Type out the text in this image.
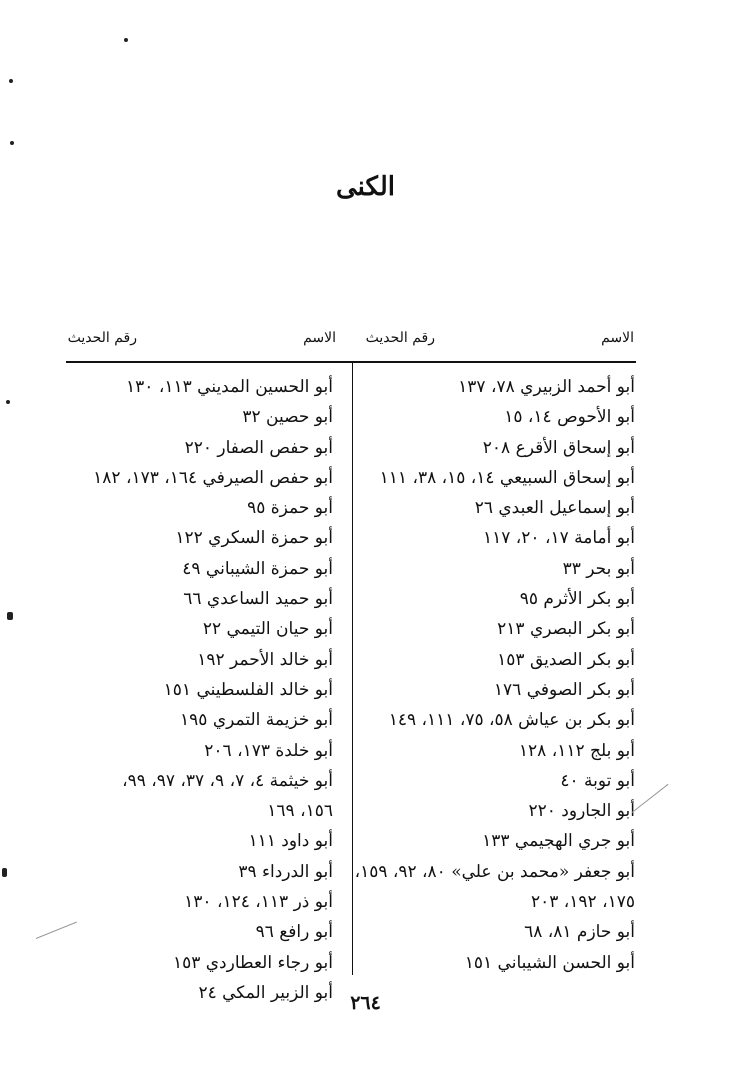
الكنى
الاسم
رقم الحديث
الاسم
رقم الحديث
أبو أحمد الزبيري ٧٨، ١٣٧
أبو الأحوص ١٤، ١٥
أبو إسحاق الأقرع ٢٠٨
أبو إسحاق السبيعي ١٤، ١٥، ٣٨، ١١١
أبو إسماعيل العبدي ٢٦
أبو أمامة ١٧، ٢٠، ١١٧
أبو بحر ٣٣
أبو بكر الأثرم ٩٥
أبو بكر البصري ٢١٣
أبو بكر الصديق ١٥٣
أبو بكر الصوفي ١٧٦
أبو بكر بن عياش ٥٨، ٧٥، ١١١، ١٤٩
أبو بلج ١١٢، ١٢٨
أبو توبة ٤٠
أبو الجارود ٢٢٠
أبو جري الهجيمي ١٣٣
أبو جعفر «محمد بن علي» ٨٠، ٩٢، ١٥٩،
١٧٥، ١٩٢، ٢٠٣
أبو حازم ٨١، ٦٨
أبو الحسن الشيباني ١٥١
أبو الحسين المديني ١١٣، ١٣٠
أبو حصين ٣٢
أبو حفص الصفار ٢٢٠
أبو حفص الصيرفي ١٦٤، ١٧٣، ١٨٢
أبو حمزة ٩٥
أبو حمزة السكري ١٢٢
أبو حمزة الشيباني ٤٩
أبو حميد الساعدي ٦٦
أبو حيان التيمي ٢٢
أبو خالد الأحمر ١٩٢
أبو خالد الفلسطيني ١٥١
أبو خزيمة التمري ١٩٥
أبو خلدة ١٧٣، ٢٠٦
أبو خيثمة ٤، ٧، ٩، ٣٧، ٩٧، ٩٩،
١٥٦، ١٦٩
أبو داود ١١١
أبو الدرداء ٣٩
أبو ذر ١١٣، ١٢٤، ١٣٠
أبو رافع ٩٦
أبو رجاء العطاردي ١٥٣
أبو الزبير المكي ٢٤ ٢٦٤
